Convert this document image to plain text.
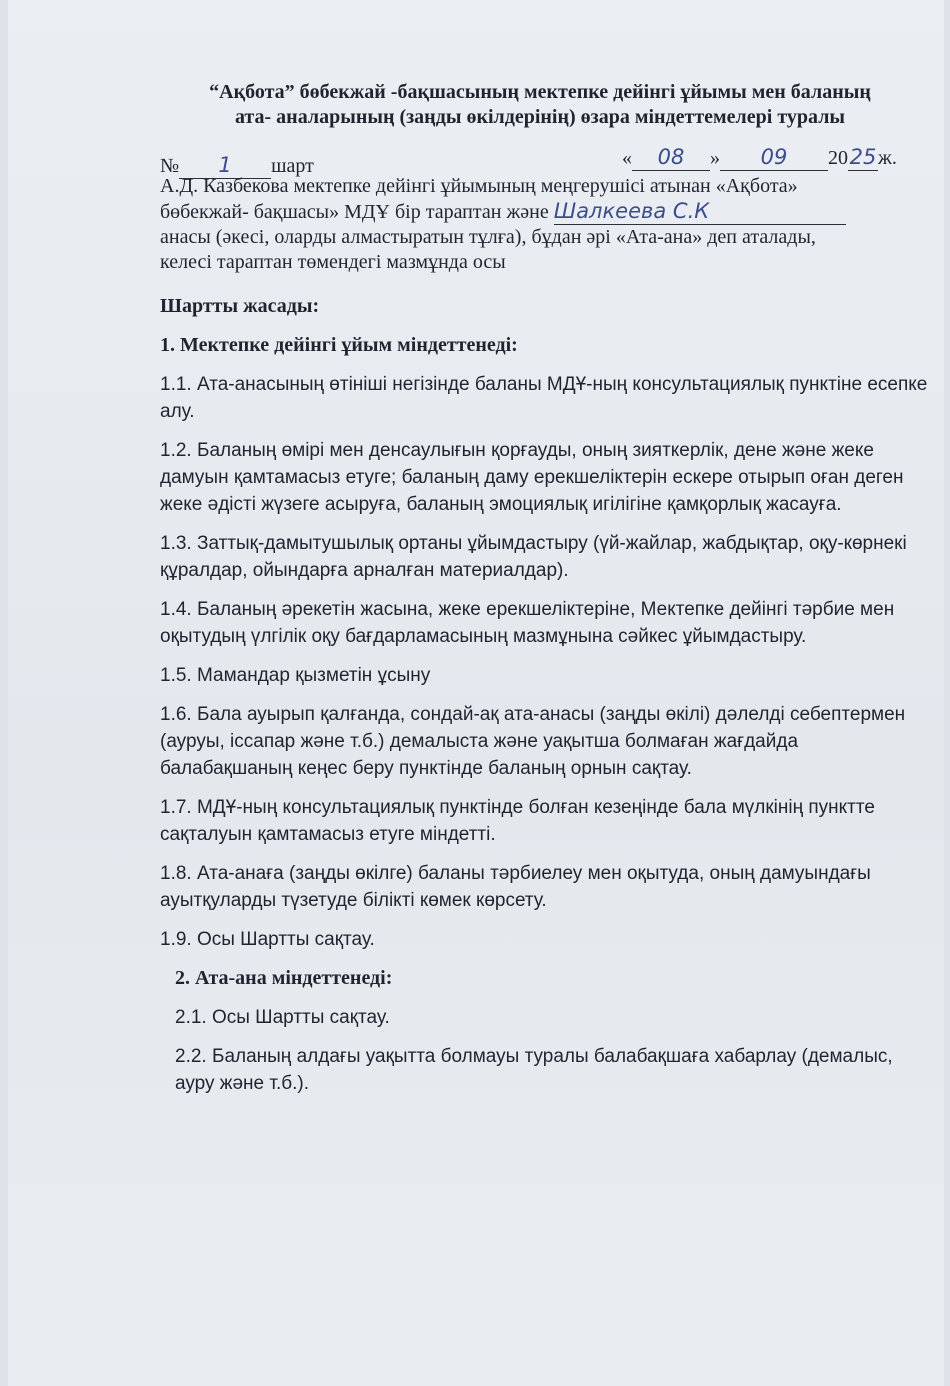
“Ақбота” бөбекжай -бақшасының мектепке дейінгі ұйымы мен баланың
ата- аналарының (заңды өкілдерінің) өзара міндеттемелері туралы
№ 1 шарт	« 08 » 09 2025ж.
А.Д. Казбекова мектепке дейінгі ұйымының меңгерушісі атынан «Ақбота»
бөбекжай- бақшасы» МДҰ бір тараптан және Шалкеева С.К
анасы (әкесі, оларды алмастыратын тұлға), бұдан әрі «Ата-ана» деп аталады,
келесі тараптан төмендегі мазмұнда осы
Шартты жасады:
1. Мектепке дейінгі ұйым міндеттенеді:
1.1. Ата-анасының өтініші негізінде баланы МДҰ-ның консультациялық пунктіне есепке алу.
1.2. Баланың өмірі мен денсаулығын қорғауды, оның зияткерлік, дене және жеке дамуын қамтамасыз етуге; баланың даму ерекшеліктерін ескере отырып оған деген жеке әдісті жүзеге асыруға, баланың эмоциялық игілігіне қамқорлық жасауға.
1.3. Заттық-дамытушылық ортаны ұйымдастыру (үй-жайлар, жабдықтар, оқу-көрнекі құралдар, ойындарға арналған материалдар).
1.4. Баланың әрекетін жасына, жеке ерекшеліктеріне, Мектепке дейінгі тәрбие мен оқытудың үлгілік оқу бағдарламасының мазмұнына сәйкес ұйымдастыру.
1.5. Мамандар қызметін ұсыну
1.6. Бала ауырып қалғанда, сондай-ақ ата-анасы (заңды өкілі) дәлелді себептермен (ауруы, іссапар және т.б.) демалыста және уақытша болмаған жағдайда балабақшаның кеңес беру пунктінде баланың орнын сақтау.
1.7. МДҰ-ның консультациялық пунктінде болған кезеңінде бала мүлкінің пунктте сақталуын қамтамасыз етуге міндетті.
1.8. Ата-анаға (заңды өкілге) баланы тәрбиелеу мен оқытуда, оның дамуындағы ауытқуларды түзетуде білікті көмек көрсету.
1.9. Осы Шартты сақтау.
2. Ата-ана міндеттенеді:
2.1. Осы Шартты сақтау.
2.2. Баланың алдағы уақытта болмауы туралы балабақшаға хабарлау (демалыс, ауру және т.б.).
